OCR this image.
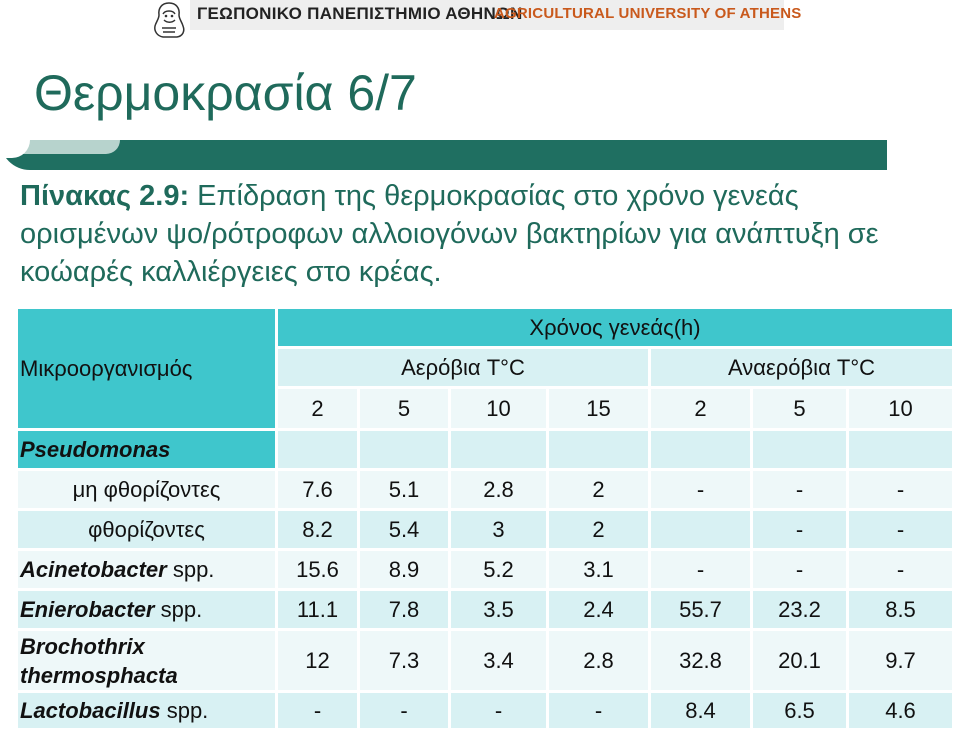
ΓΕΩΠΟΝΙΚΟ ΠΑΝΕΠΙΣΤΗΜΙΟ ΑΘΗΝΩΝ
AGRICULTURAL UNIVERSITY OF ATHENS
Θερμοκρασία 6/7
Πίνακας 2.9: Επίδραση της θερμοκρασίας στο χρόνο γενεάς ορισμένων ψο/ρότροφων αλλοιογόνων βακτηρίων για ανάπτυξη σε κοώαρές καλλιέργειες στο κρέας.
Μικροοργανισμός	Χρόνος γενεάς(h)						
	Αερόβια T°C				Αναερόβια T°C		
	2	5	10	15	2	5	10
Pseudomonas							
μη φθορίζοντες	7.6	5.1	2.8	2	-	-	-
φθορίζοντες	8.2	5.4	3	2		-	-
Acinetobacter spp.	15.6	8.9	5.2	3.1	-	-	-
Enierobacter spp.	11.1	7.8	3.5	2.4	55.7	23.2	8.5
Brochothrix
thermosphacta	12	7.3	3.4	2.8	32.8	20.1	9.7
Lactobacillus spp.	-	-	-	-	8.4	6.5	4.6
